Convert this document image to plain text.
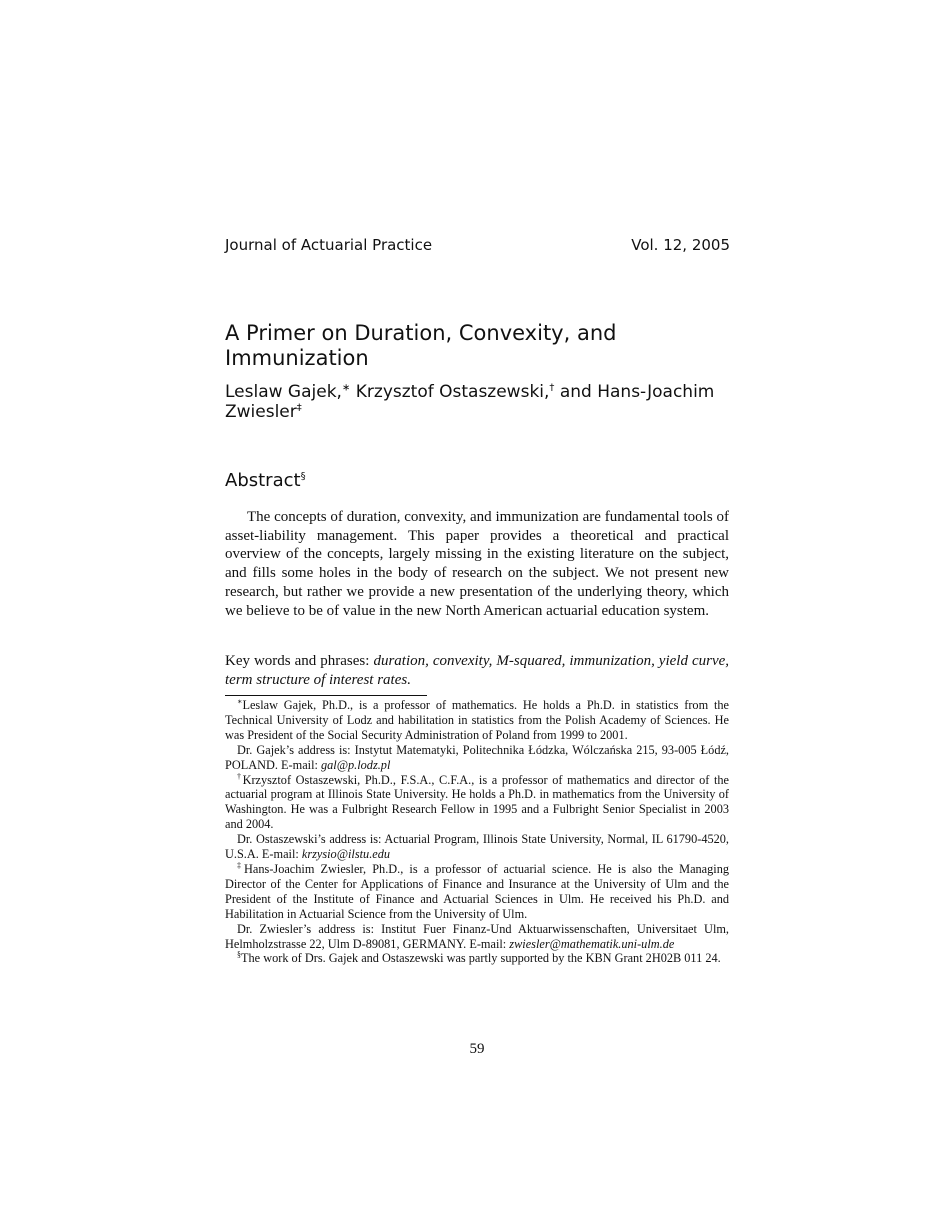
Journal of Actuarial Practice	Vol. 12, 2005
A Primer on Duration, Convexity, and Immunization
Leslaw Gajek,∗ Krzysztof Ostaszewski,† and Hans-Joachim Zwiesler‡
Abstract§

The concepts of duration, convexity, and immunization are fundamental tools of asset-liability management. This paper provides a theoretical and practical overview of the concepts, largely missing in the existing literature on the subject, and fills some holes in the body of research on the subject. We not present new research, but rather we provide a new presentation of the underlying theory, which we believe to be of value in the new North American actuarial education system.

Key words and phrases: duration, convexity, M-squared, immunization, yield curve, term structure of interest rates.

∗Leslaw Gajek, Ph.D., is a professor of mathematics. He holds a Ph.D. in statistics from the Technical University of Lodz and habilitation in statistics from the Polish Academy of Sciences. He was President of the Social Security Administration of Poland from 1999 to 2001.

Dr. Gajek’s address is: Instytut Matematyki, Politechnika Łódzka, Wólczańska 215, 93-005 Łódź, POLAND. E-mail: gal@p.lodz.pl

†Krzysztof Ostaszewski, Ph.D., F.S.A., C.F.A., is a professor of mathematics and director of the actuarial program at Illinois State University. He holds a Ph.D. in mathematics from the University of Washington. He was a Fulbright Research Fellow in 1995 and a Fulbright Senior Specialist in 2003 and 2004.

Dr. Ostaszewski’s address is: Actuarial Program, Illinois State University, Normal, IL 61790-4520, U.S.A. E-mail: krzysio@ilstu.edu

‡Hans-Joachim Zwiesler, Ph.D., is a professor of actuarial science. He is also the Managing Director of the Center for Applications of Finance and Insurance at the University of Ulm and the President of the Institute of Finance and Actuarial Sciences in Ulm. He received his Ph.D. and Habilitation in Actuarial Science from the University of Ulm.

Dr. Zwiesler’s address is: Institut Fuer Finanz-Und Aktuarwissenschaften, Universitaet Ulm, Helmholzstrasse 22, Ulm D-89081, GERMANY. E-mail: zwiesler@mathematik.uni-ulm.de

§The work of Drs. Gajek and Ostaszewski was partly supported by the KBN Grant 2H02B 011 24.

59
